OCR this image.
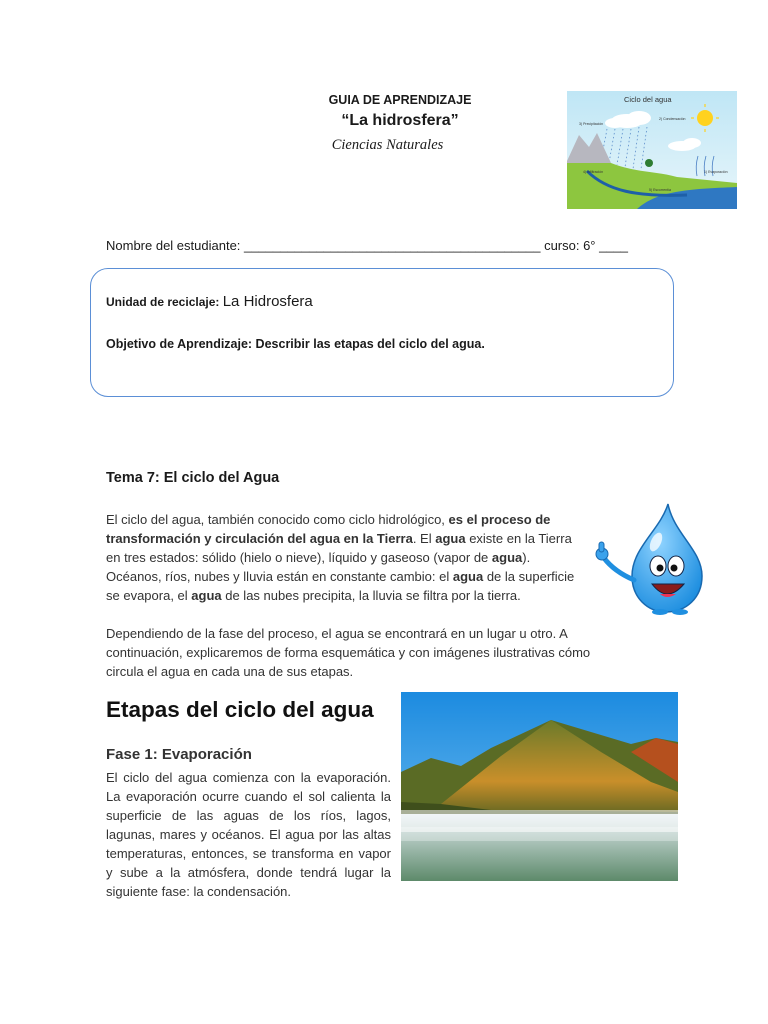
GUIA DE APRENDIZAJE
“La hidrosfera”
Ciencias Naturales
Ciclo del agua
3) Precipitación
2) Condensación
4) Infiltración	1) Evaporación
5) Escorrentía
Nombre del estudiante: _________________________________________ curso: 6° ____
Unidad de reciclaje: La Hidrosfera
Objetivo de Aprendizaje: Describir las etapas del ciclo del agua.
Tema 7: El ciclo del Agua
El ciclo del agua, también conocido como ciclo hidrológico, es el proceso de transformación y circulación del agua en la Tierra. El agua existe en la Tierra en tres estados: sólido (hielo o nieve), líquido y gaseoso (vapor de agua). Océanos, ríos, nubes y lluvia están en constante cambio: el agua de la superficie se evapora, el agua de las nubes precipita, la lluvia se filtra por la tierra.
Dependiendo de la fase del proceso, el agua se encontrará en un lugar u otro. A continuación, explicaremos de forma esquemática y con imágenes ilustrativas cómo circula el agua en cada una de sus etapas.
Etapas del ciclo del agua
Fase 1: Evaporación
El ciclo del agua comienza con la evaporación. La evaporación ocurre cuando el sol calienta la superficie de las aguas de los ríos, lagos, lagunas, mares y océanos. El agua por las altas temperaturas, entonces, se transforma en vapor y sube a la atmósfera, donde tendrá lugar la siguiente fase: la condensación.
